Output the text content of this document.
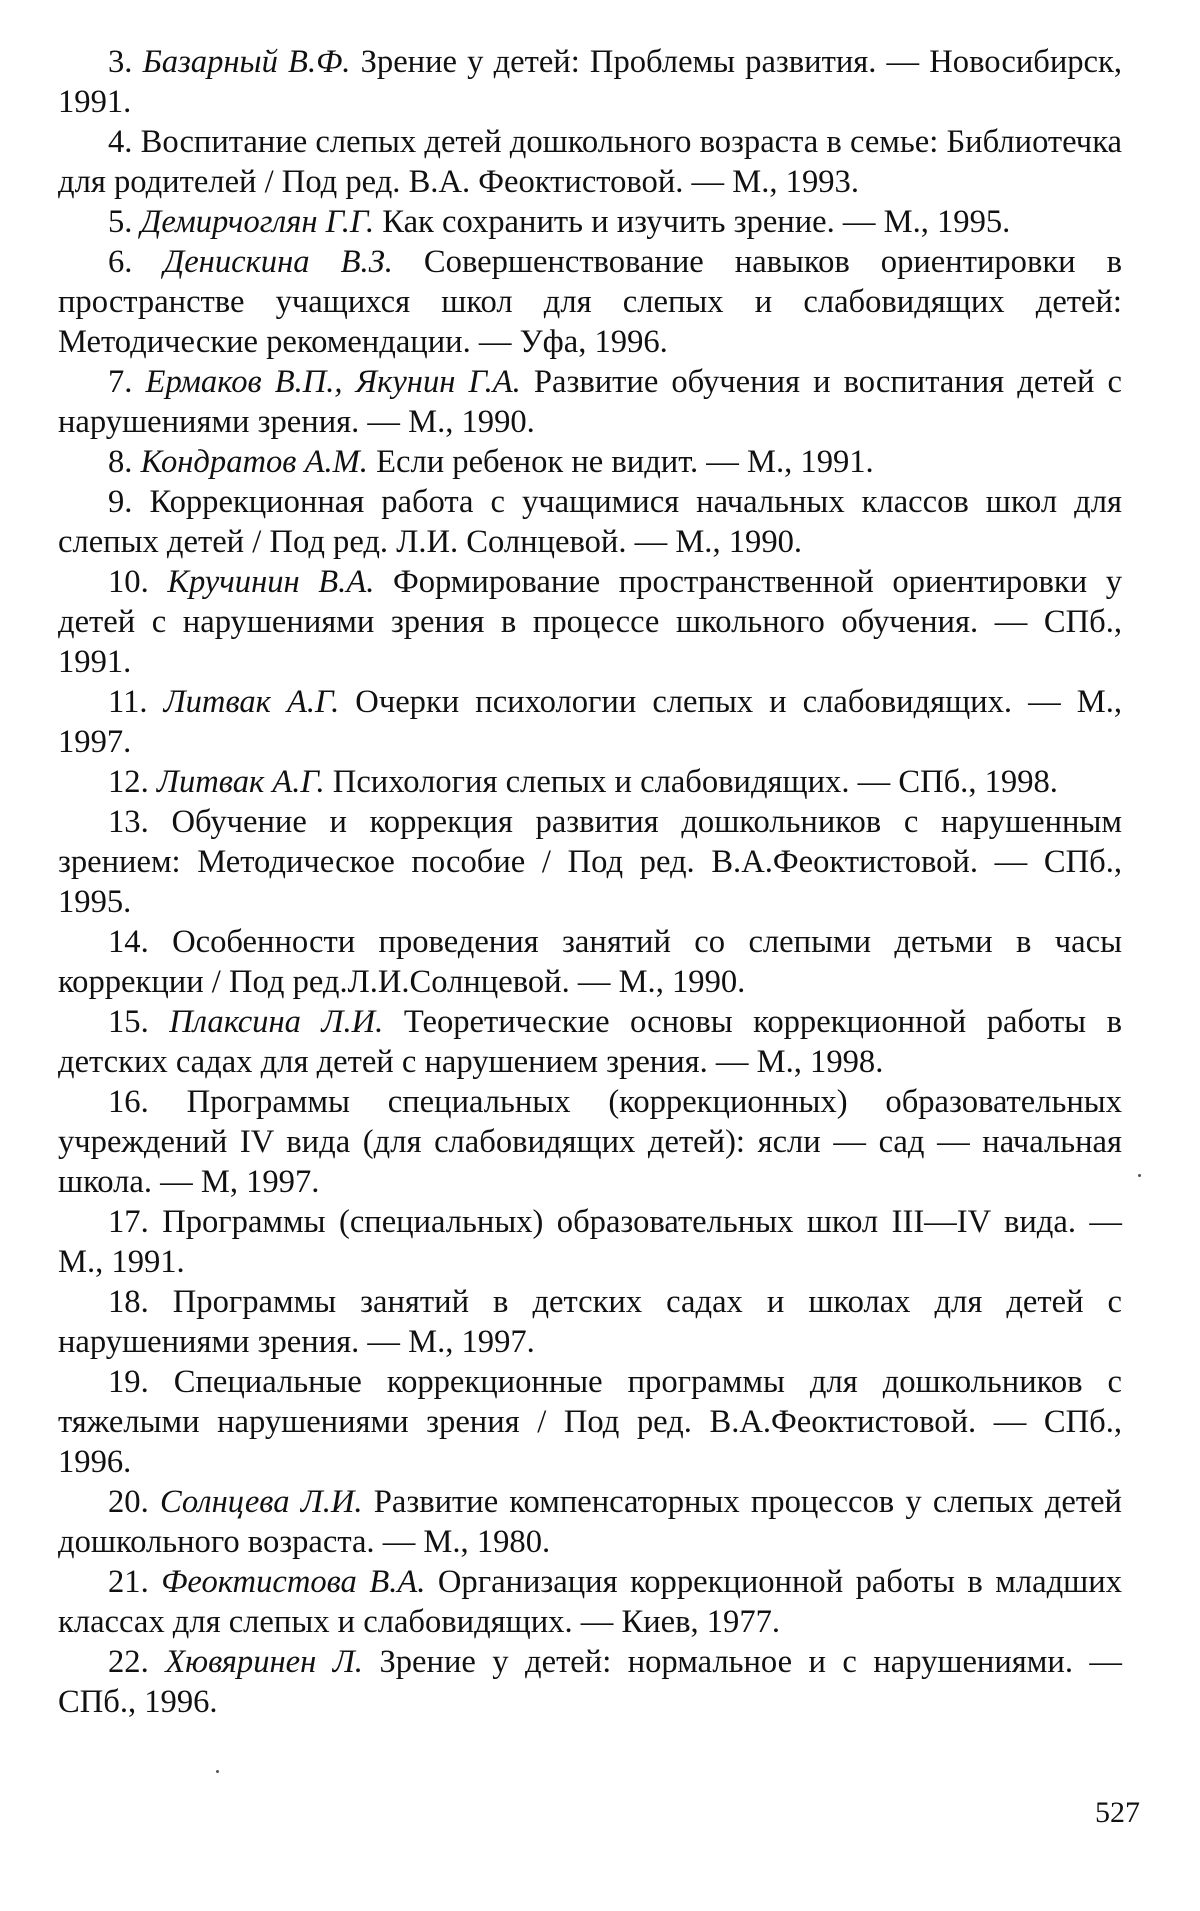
3. Базарный В.Ф. Зрение у детей: Проблемы развития. — Новосибирск, 1991.

4. Воспитание слепых детей дошкольного возраста в семье: Библиотечка для родителей / Под ред. В.А. Феоктистовой. — М., 1993.

5. Демирчоглян Г.Г. Как сохранить и изучить зрение. — М., 1995.

6. Денискина В.З. Совершенствование навыков ориентировки в пространстве учащихся школ для слепых и слабовидящих детей: Методические рекомендации. — Уфа, 1996.

7. Ермаков В.П., Якунин Г.А. Развитие обучения и воспитания детей с нарушениями зрения. — М., 1990.

8. Кондратов А.М. Если ребенок не видит. — М., 1991.

9. Коррекционная работа с учащимися начальных классов школ для слепых детей / Под ред. Л.И. Солнцевой. — М., 1990.

10. Кручинин В.А. Формирование пространственной ориентировки у детей с нарушениями зрения в процессе школьного обучения. — СПб., 1991.

11. Литвак А.Г. Очерки психологии слепых и слабовидящих. — М., 1997.

12. Литвак А.Г. Психология слепых и слабовидящих. — СПб., 1998.

13. Обучение и коррекция развития дошкольников с нарушенным зрением: Методическое пособие / Под ред. В.А.Феоктистовой. — СПб., 1995.

14. Особенности проведения занятий со слепыми детьми в часы коррекции / Под ред.Л.И.Солнцевой. — М., 1990.

15. Плаксина Л.И. Теоретические основы коррекционной работы в детских садах для детей с нарушением зрения. — М., 1998.

16. Программы специальных (коррекционных) образовательных учреждений IV вида (для слабовидящих детей): ясли — сад — начальная школа. — М, 1997.

17. Программы (специальных) образовательных школ III—IV вида. — М., 1991.

18. Программы занятий в детских садах и школах для детей с нарушениями зрения. — М., 1997.

19. Специальные коррекционные программы для дошкольников с тяжелыми нарушениями зрения / Под ред. В.А.Феоктистовой. — СПб., 1996.

20. Солнцева Л.И. Развитие компенсаторных процессов у слепых детей дошкольного возраста. — М., 1980.

21. Феоктистова В.А. Организация коррекционной работы в младших классах для слепых и слабовидящих. — Киев, 1977.

22. Хювяринен Л. Зрение у детей: нормальное и с нарушениями. — СПб., 1996.

527
